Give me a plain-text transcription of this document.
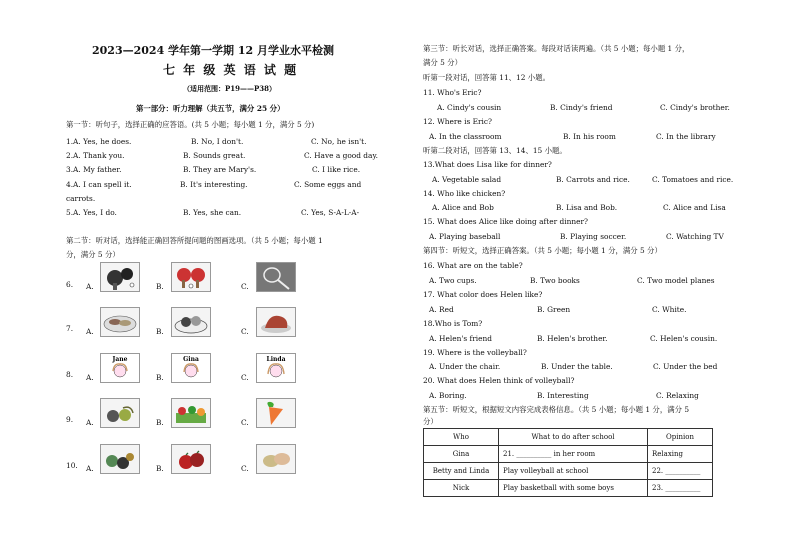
2023—2024 学年第一学期 12 月学业水平检测
七 年 级 英 语 试 题
（适用范围：P19——P38）
第一部分：听力理解（共五节，满分 25 分）
第一节：听句子，选择正确的应答语。(共 5 小题；每小题 1 分，满分 5 分)
1.A. Yes, he does.	B. No, I don't.	C. No, he isn't.
2.A. Thank you.	B. Sounds great.	C. Have a good day.
3.A. My father.	B. They are Mary's.	C. I like rice.
4.A. I can spell it.	B. It's interesting.	C. Some eggs and
carrots.
5.A. Yes, I do.	B. Yes, she can.	C. Yes, S-A-L-A-
第二节：听对话，选择能正确回答所提问题的图画选项。（共 5 小题；每小题 1
分，满分 5 分）
6. A.	B.	C.
7. A.	B.	C.
8. A.
Jane
B.
Gina
C.
Linda
9. A.	B.	C.
10. A.	B.	C.
第三节：听长对话，选择正确答案。每段对话读两遍。（共 5 小题；每小题 1 分，
满分 5 分）
听第一段对话，回答第 11、12 小题。
11. Who's Eric?
A. Cindy's cousin	B. Cindy's friend	C. Cindy's brother.
12. Where is Eric?
A. In the classroom	B. In his room	C. In the library
听第二段对话，回答第 13、14、15 小题。
13.What does Lisa like for dinner?
A. Vegetable salad	B. Carrots and rice.	C. Tomatoes and rice.
14. Who like chicken?
A. Alice and Bob	B. Lisa and Bob.	C. Alice and Lisa
15. What does Alice like doing after dinner?
A. Playing baseball	B. Playing soccer.	C. Watching TV
第四节：听短文，选择正确答案。（共 5 小题；每小题 1 分，满分 5 分）
16. What are on the table?
A. Two cups.	B. Two books	C. Two model planes
17. What color does Helen like?
A. Red	B. Green	C. White.
18.Who is Tom?
A. Helen's friend	B. Helen's brother.	C. Helen's cousin.
19. Where is the volleyball?
A. Under the chair.	B. Under the table.	C. Under the bed
20. What does Helen think of volleyball?
A. Boring.	B. Interesting	C. Relaxing
第五节：听短文，根据短文内容完成表格信息。（共 5 小题；每小题 1 分，满分 5
分）
Who	What to do after school	Opinion
Gina	21. __________ in her room	Relaxing
Betty and Linda	Play volleyball at school	22. __________
Nick	Play basketball with some boys	23. __________
